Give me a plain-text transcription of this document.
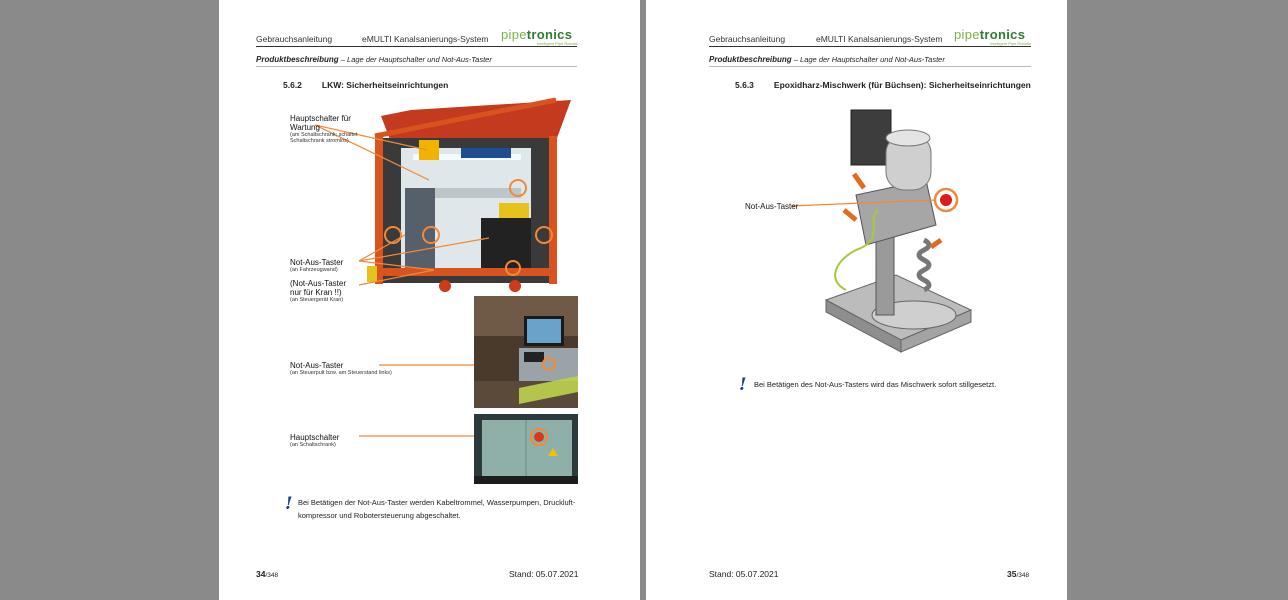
Gebrauchsanleitung	eMULTI Kanalsanierungs-System pipetronics
Intelligent Pipe Robotic
Produktbeschreibung – Lage der Hauptschalter und Not-Aus-Taster
5.6.2 LKW: Sicherheitseinrichtungen
Hauptschalter für Wartung
(am Schaltschrank; schaltet Schaltschrank stromlos)
Not-Aus-Taster
(an Fahrzeugwand)
(Not-Aus-Taster nur für Kran !!)
(an Steuergerät Kran)
Not-Aus-Taster
(an Steuerpult bzw. am Steuerstand links)
Hauptschalter
(an Schaltschrank)
! Bei Betätigen der Not-Aus-Taster werden Kabeltrommel, Wasserpumpen, Druckluft-
kompressor und Robotersteuerung abgeschaltet.
34/348	Stand: 05.07.2021
Gebrauchsanleitung	eMULTI Kanalsanierungs-System pipetronics
Intelligent Pipe Robotic
Produktbeschreibung – Lage der Hauptschalter und Not-Aus-Taster
5.6.3 Epoxidharz-Mischwerk (für Büchsen): Sicherheitseinrichtungen
Not-Aus-Taster
! Bei Betätigen des Not-Aus-Tasters wird das Mischwerk sofort stillgesetzt.
Stand: 05.07.2021	35/348
